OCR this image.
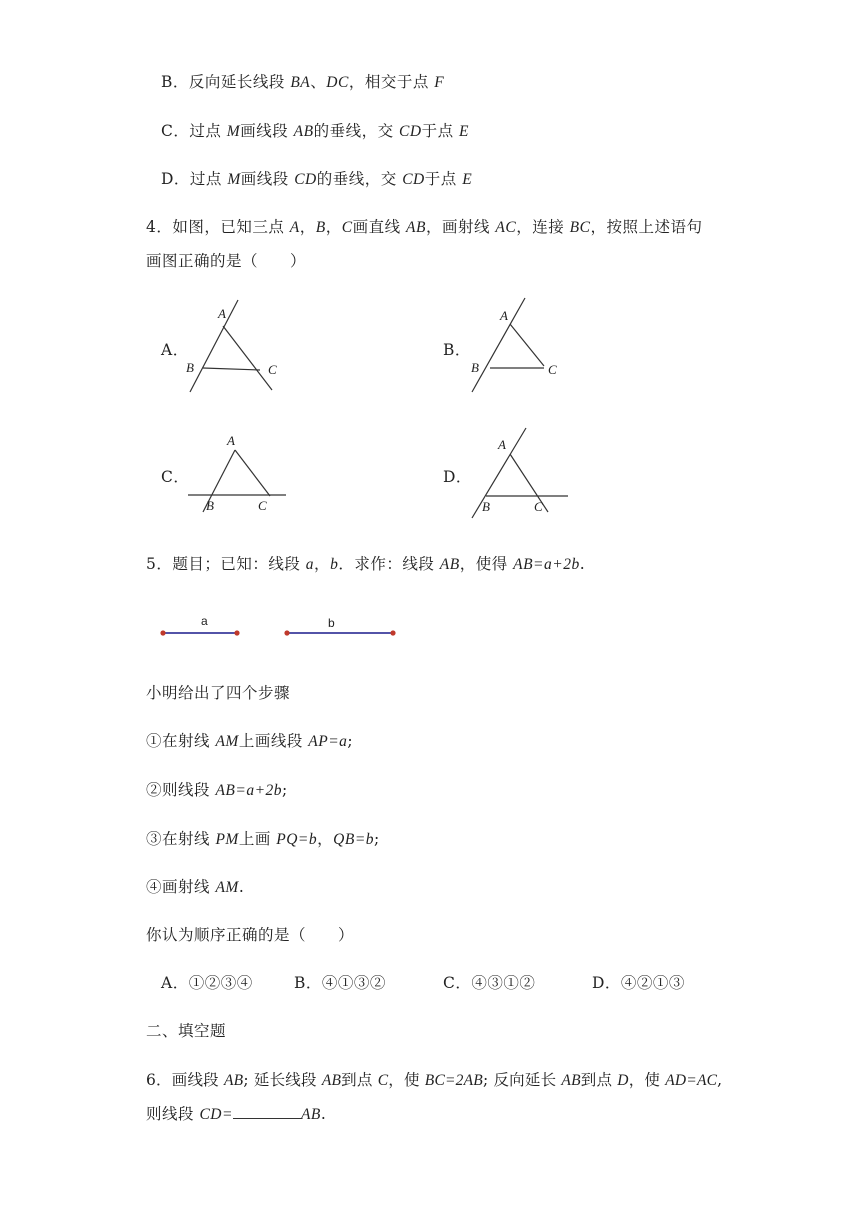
B．反向延长线段 BA、DC，相交于点 F
C．过点 M画线段 AB的垂线，交 CD于点 E
D．过点 M画线段 CD的垂线，交 CD于点 E
4．如图，已知三点 A，B，C画直线 AB，画射线 AC，连接 BC，按照上述语句
画图正确的是（　　）
A．
A
B	C
B．
A
B	C
C．
A
B	C
D．
A
B	C
5．题目；已知：线段 a，b．求作：线段 AB，使得 AB=a+2b.
a	b
小明给出了四个步骤
①在射线 AM上画线段 AP=a;
②则线段 AB=a+2b;
③在射线 PM上画 PQ=b，QB=b;
④画射线 AM.
你认为顺序正确的是（　　）
A．①②③④	B．④①③②	C．④③①②	D．④②①③
二、填空题
6．画线段 AB; 延长线段 AB到点 C，使 BC=2AB; 反向延长 AB到点 D，使 AD=AC,
则线段 CD=	AB.
